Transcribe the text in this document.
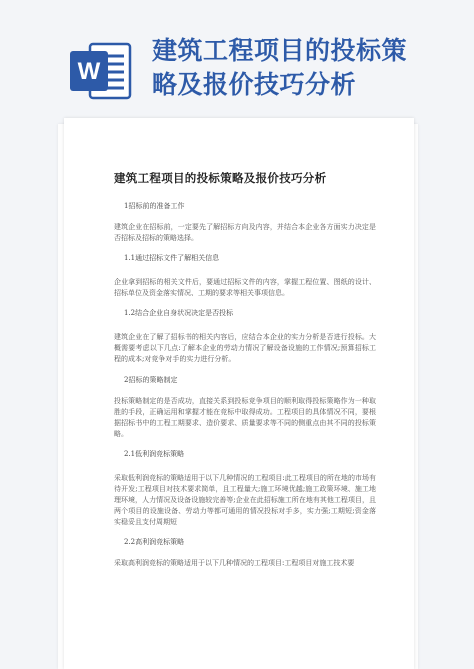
W
建筑工程项目的投标策
略及报价技巧分析
建筑工程项目的投标策略及报价技巧分析
1招标前的准备工作
建筑企业在招标前，一定要先了解招标方向及内容，并结合本企业各方面实力决定是否招标及招标的策略选择。
1.1通过招标文件了解相关信息
企业拿到招标的相关文件后，要通过招标文件的内容，掌握工程位置、图纸的设计、招标单位及资金落实情况、工期的要求等相关事项信息。
1.2结合企业自身状况决定是否投标
建筑企业在了解了招标书的相关内容后，应结合本企业的实力分析是否进行投标。大概需要考虑以下几点:了解本企业的劳动力情况了解设备设施的工作情况;预算招标工程的成本;对竞争对手的实力进行分析。
2招标的策略制定
投标策略制定的是否成功，直接关系到投标竞争项目的顺利取得投标策略作为一种取胜的手段，正确运用和掌握才能在竞标中取得成功。工程项目的具体情况不同，要根据招标书中的工程工期要求、造价要求、质量要求等不同的侧重点由其不同的投标策略。
2.1低利润竞标策略
采取低利润竞标的策略适用于以下几种情况的工程项目:此工程项目的所在地的市场有待开发;工程项目对技术要求简单，且工程量大;施工环境优越;施工政策环境、施工地理环境，人力情况及设备设施较完善等;企业在此招标施工所在地有其他工程项目，且两个项目的设施设备、劳动力等都可通用的情况投标对手多，实力强;工期短;资金落实稳妥且支付周期短
2.2高利润竞标策略
采取高利润竞标的策略适用于以下几种情况的工程项目:工程项目对施工技术要
